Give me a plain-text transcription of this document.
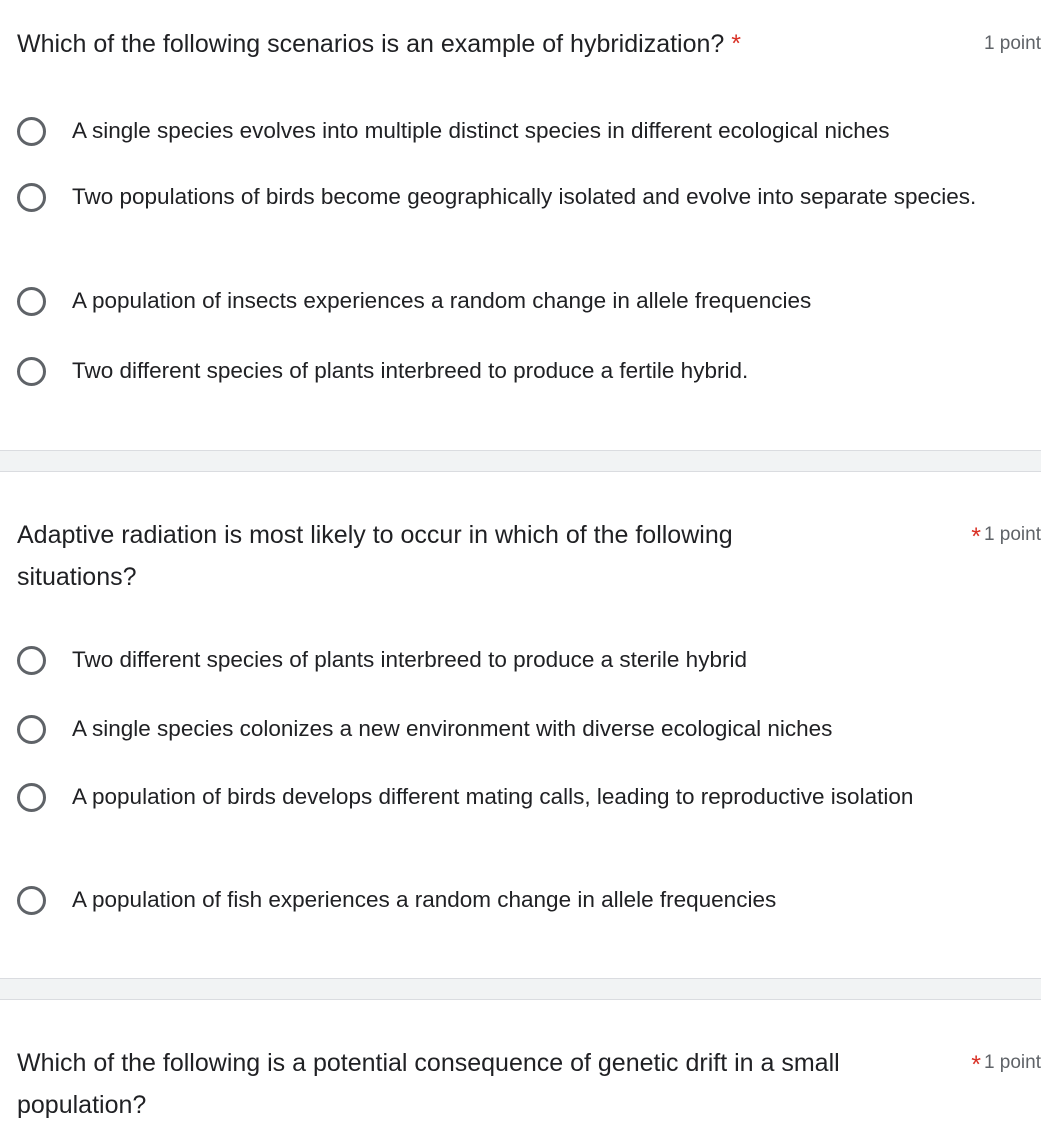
Which of the following scenarios is an example of hybridization? *	1 point
A single species evolves into multiple distinct species in different ecological niches
Two populations of birds become geographically isolated and evolve into separate species.
A population of insects experiences a random change in allele frequencies
Two different species of plants interbreed to produce a fertile hybrid.
Adaptive radiation is most likely to occur in which of the following situations?
* 1 point
Two different species of plants interbreed to produce a sterile hybrid
A single species colonizes a new environment with diverse ecological niches
A population of birds develops different mating calls, leading to reproductive isolation
A population of fish experiences a random change in allele frequencies
Which of the following is a potential consequence of genetic drift in a small population?
* 1 point
